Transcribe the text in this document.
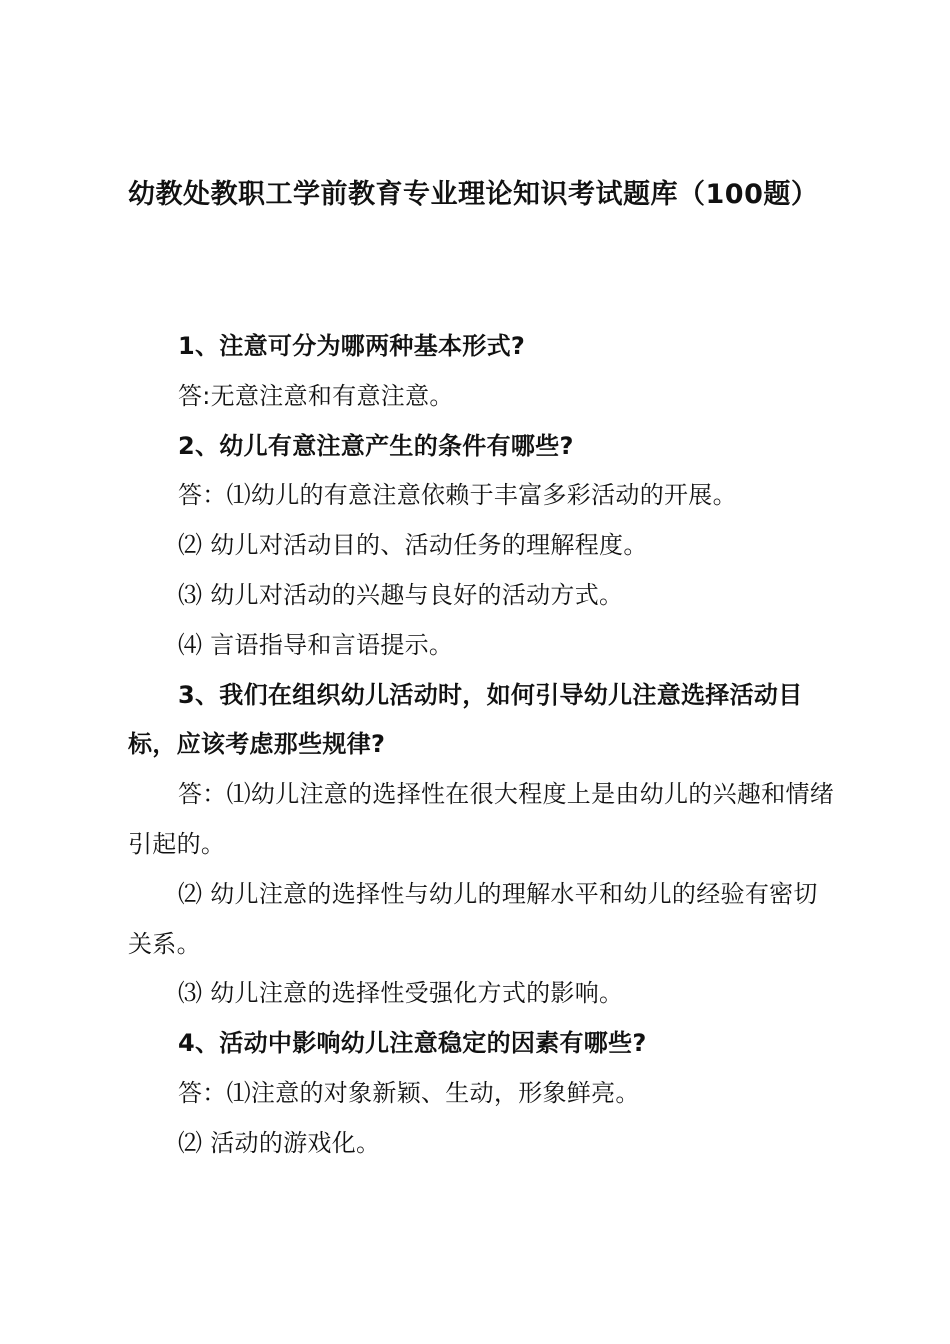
幼教处教职工学前教育专业理论知识考试题库（100题）

1、注意可分为哪两种基本形式?

答:无意注意和有意注意。

2、幼儿有意注意产生的条件有哪些?

答：⑴幼儿的有意注意依赖于丰富多彩活动的开展。

⑵ 幼儿对活动目的、活动任务的理解程度。

⑶ 幼儿对活动的兴趣与良好的活动方式。

⑷ 言语指导和言语提示。

3、我们在组织幼儿活动时，如何引导幼儿注意选择活动目标，应该考虑那些规律?

答：⑴幼儿注意的选择性在很大程度上是由幼儿的兴趣和情绪引起的。

⑵ 幼儿注意的选择性与幼儿的理解水平和幼儿的经验有密切关系。

⑶ 幼儿注意的选择性受强化方式的影响。

4、活动中影响幼儿注意稳定的因素有哪些?

答：⑴注意的对象新颖、生动，形象鲜亮。

⑵ 活动的游戏化。
